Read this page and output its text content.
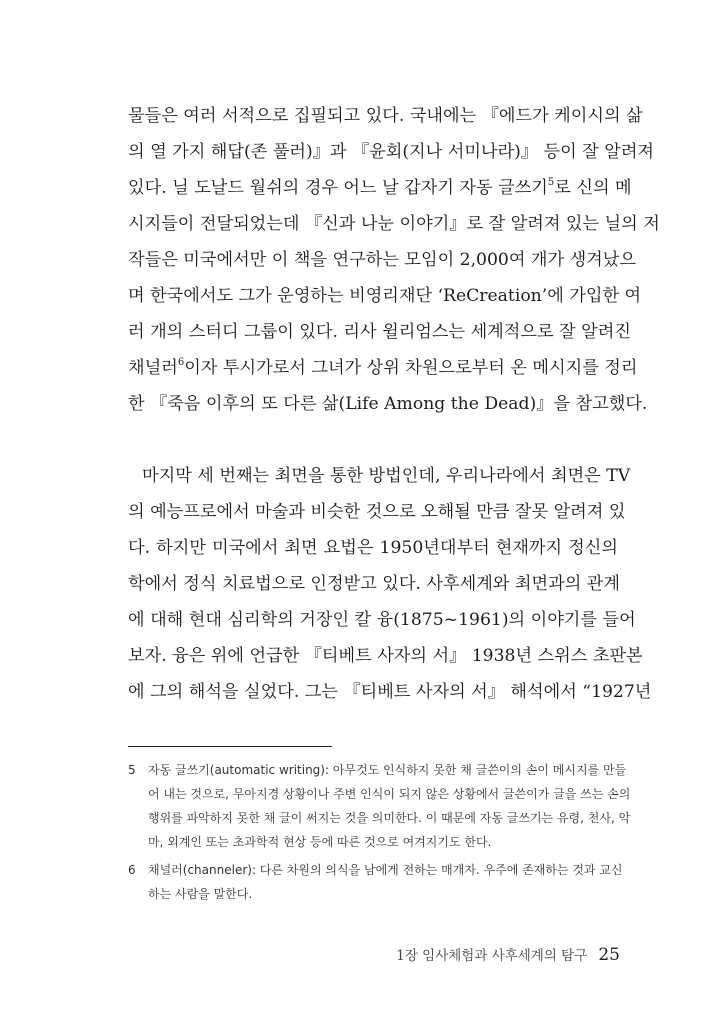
물들은 여러 서적으로 집필되고 있다. 국내에는 『에드가 케이시의 삶
의 열 가지 해답(존 풀러)』과 『윤회(지나 서미나라)』 등이 잘 알려져
있다. 닐 도날드 월쉬의 경우 어느 날 갑자기 자동 글쓰기$^5$로 신의 메
시지들이 전달되었는데 『신과 나눈 이야기』로 잘 알려져 있는 닐의 저
작들은 미국에서만 이 책을 연구하는 모임이 2,000여 개가 생겨났으
며 한국에서도 그가 운영하는 비영리재단 ‘ReCreation’에 가입한 여
러 개의 스터디 그룹이 있다. 리사 윌리엄스는 세계적으로 잘 알려진
채널러$^6$이자 투시가로서 그녀가 상위 차원으로부터 온 메시지를 정리
한 『죽음 이후의 또 다른 삶(Life Among the Dead)』을 참고했다.
마지막 세 번째는 최면을 통한 방법인데, 우리나라에서 최면은 TV
의 예능프로에서 마술과 비슷한 것으로 오해될 만큼 잘못 알려져 있
다. 하지만 미국에서 최면 요법은 1950년대부터 현재까지 정신의
학에서 정식 치료법으로 인정받고 있다. 사후세계와 최면과의 관계
에 대해 현대 심리학의 거장인 칼 융(1875~1961)의 이야기를 들어
보자. 융은 위에 언급한 『티베트 사자의 서』 1938년 스위스 초판본
에 그의 해석을 실었다. 그는 『티베트 사자의 서』 해석에서 “1927년
5 자동 글쓰기(automatic writing): 아무것도 인식하지 못한 채 글쓴이의 손이 메시지를 만들
어 내는 것으로, 무아지경 상황이나 주변 인식이 되지 않은 상황에서 글쓴이가 글을 쓰는 손의
행위를 파악하지 못한 채 글이 써지는 것을 의미한다. 이 때문에 자동 글쓰기는 유령, 천사, 악
마, 외계인 또는 초과학적 현상 등에 따른 것으로 여겨지기도 한다.
6 채널러(channeler): 다른 차원의 의식을 남에게 전하는 매개자. 우주에 존재하는 것과 교신
하는 사람을 말한다.
1장 임사체험과 사후세계의 탐구 25
